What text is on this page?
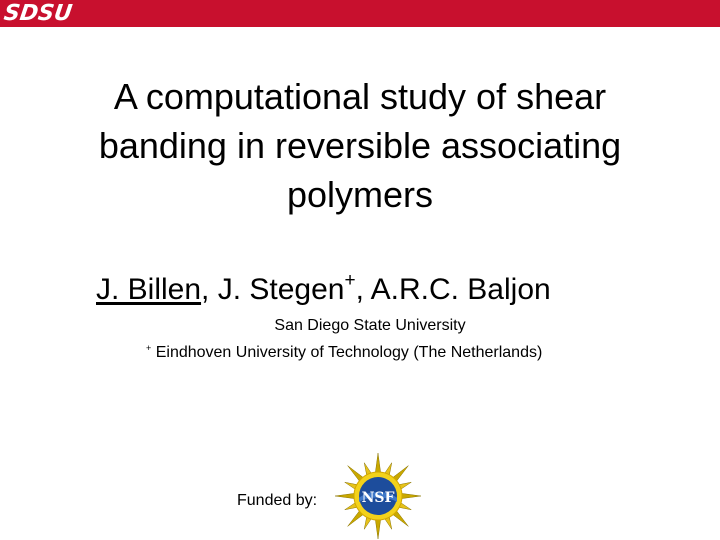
SDSU
A computational study of shear
banding in reversible associating
polymers
J. Billen, J. Stegen+, A.R.C. Baljon
San Diego State University
+ Eindhoven University of Technology (The Netherlands)
Funded by:	NSF
